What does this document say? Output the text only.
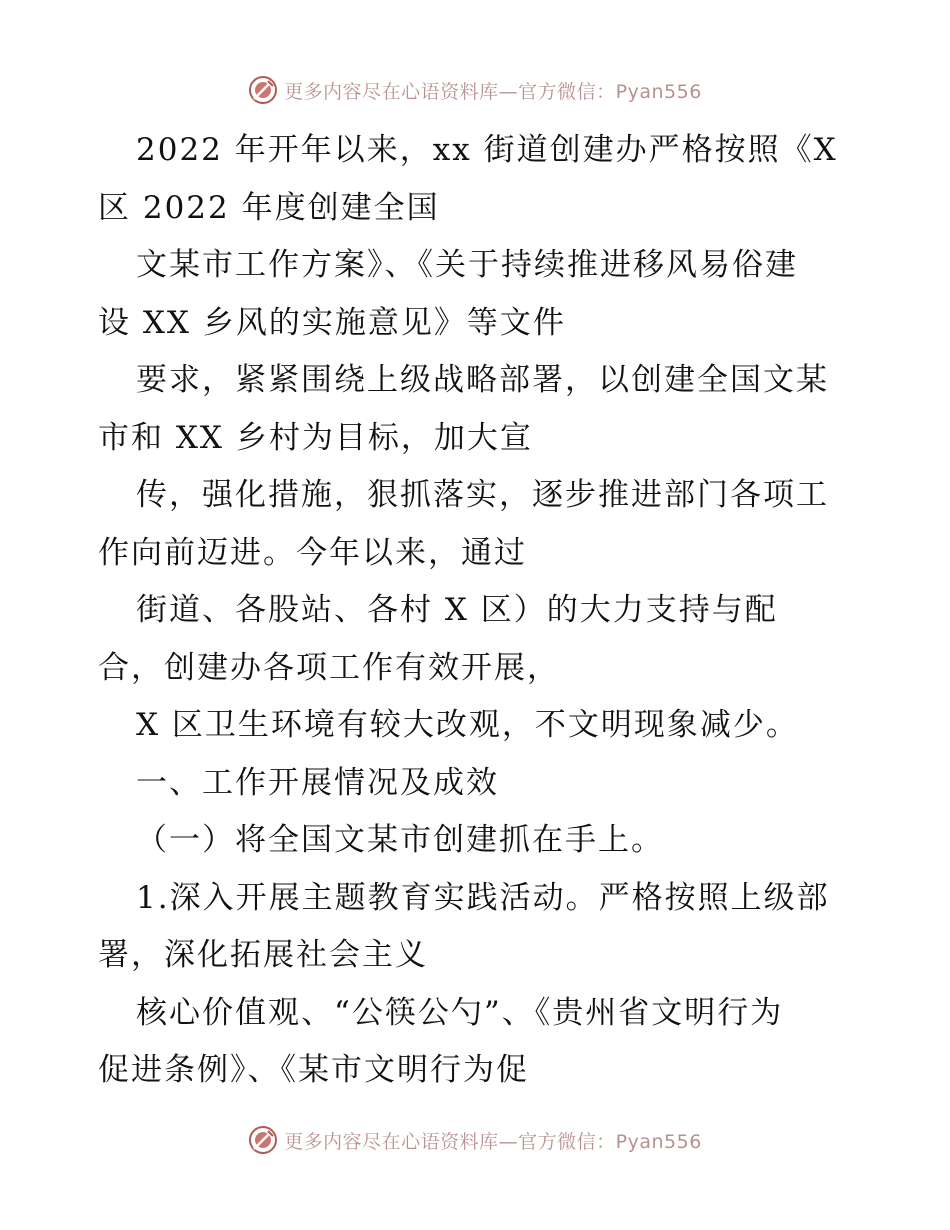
更多内容尽在心语资料库—官方微信：Pyan556
2022 年开年以来，xx 街道创建办严格按照《X
区 2022 年度创建全国
文某市工作方案》、《关于持续推进移风易俗建
设 XX 乡风的实施意见》等文件
要求，紧紧围绕上级战略部署，以创建全国文某
市和 XX 乡村为目标，加大宣
传，强化措施，狠抓落实，逐步推进部门各项工
作向前迈进。今年以来，通过
街道、各股站、各村 X 区）的大力支持与配
合，创建办各项工作有效开展，
X 区卫生环境有较大改观，不文明现象减少。
一、工作开展情况及成效
（一）将全国文某市创建抓在手上。
1.深入开展主题教育实践活动。严格按照上级部
署，深化拓展社会主义
核心价值观、“公筷公勺”、《贵州省文明行为
促进条例》、《某市文明行为促
更多内容尽在心语资料库—官方微信：Pyan556
